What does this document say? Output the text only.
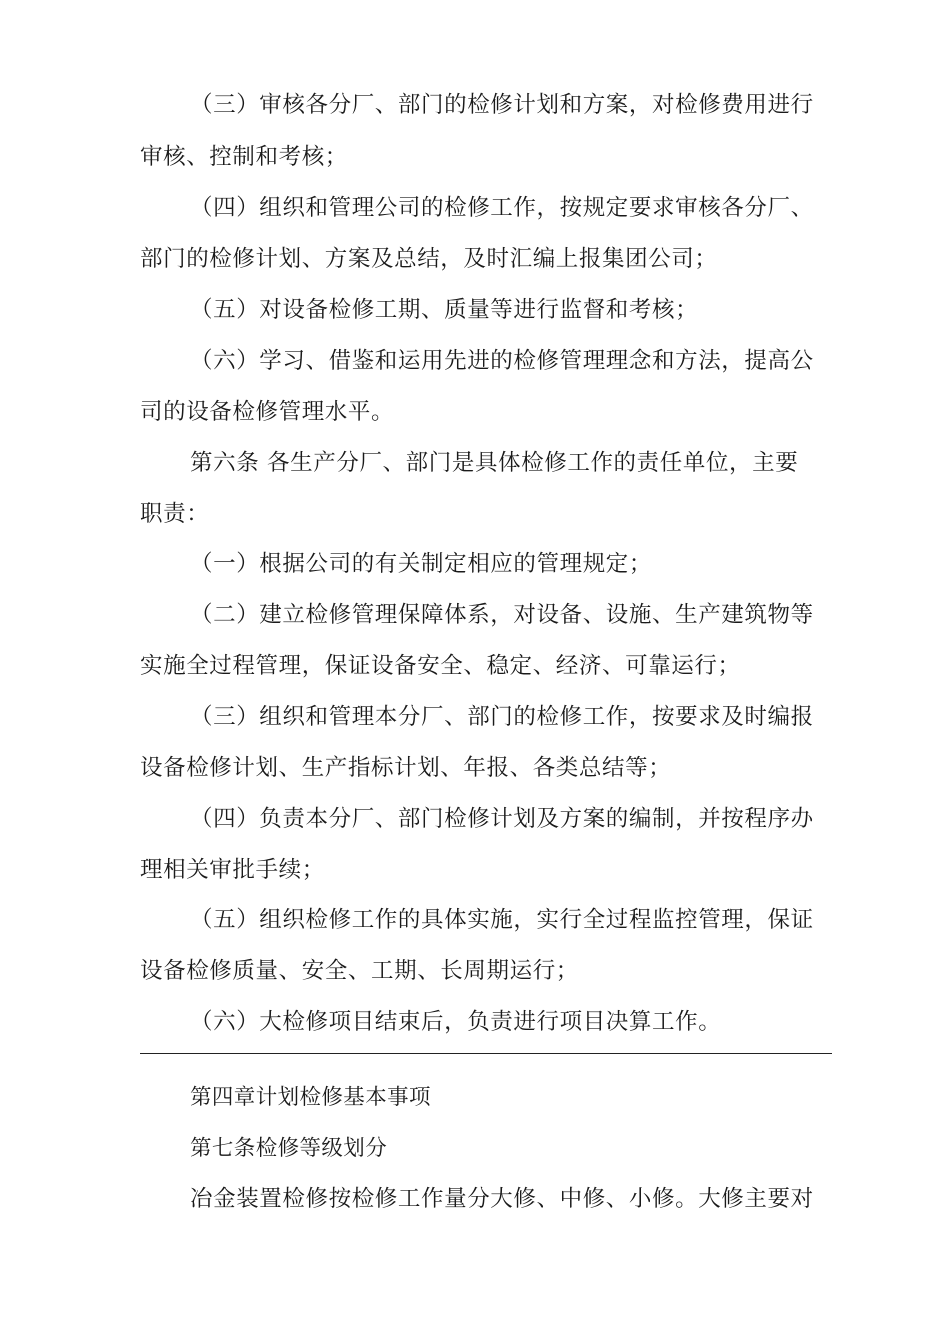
（三）审核各分厂、部门的检修计划和方案，对检修费用进行
审核、控制和考核；
（四）组织和管理公司的检修工作，按规定要求审核各分厂、
部门的检修计划、方案及总结，及时汇编上报集团公司；
（五）对设备检修工期、质量等进行监督和考核；
（六）学习、借鉴和运用先进的检修管理理念和方法，提高公
司的设备检修管理水平。
第六条 各生产分厂、部门是具体检修工作的责任单位，主要
职责：
（一）根据公司的有关制定相应的管理规定；
（二）建立检修管理保障体系，对设备、设施、生产建筑物等
实施全过程管理，保证设备安全、稳定、经济、可靠运行；
（三）组织和管理本分厂、部门的检修工作，按要求及时编报
设备检修计划、生产指标计划、年报、各类总结等；
（四）负责本分厂、部门检修计划及方案的编制，并按程序办
理相关审批手续；
（五）组织检修工作的具体实施，实行全过程监控管理，保证
设备检修质量、安全、工期、长周期运行；
（六）大检修项目结束后，负责进行项目决算工作。
第四章计划检修基本事项
第七条检修等级划分
冶金装置检修按检修工作量分大修、中修、小修。大修主要对
